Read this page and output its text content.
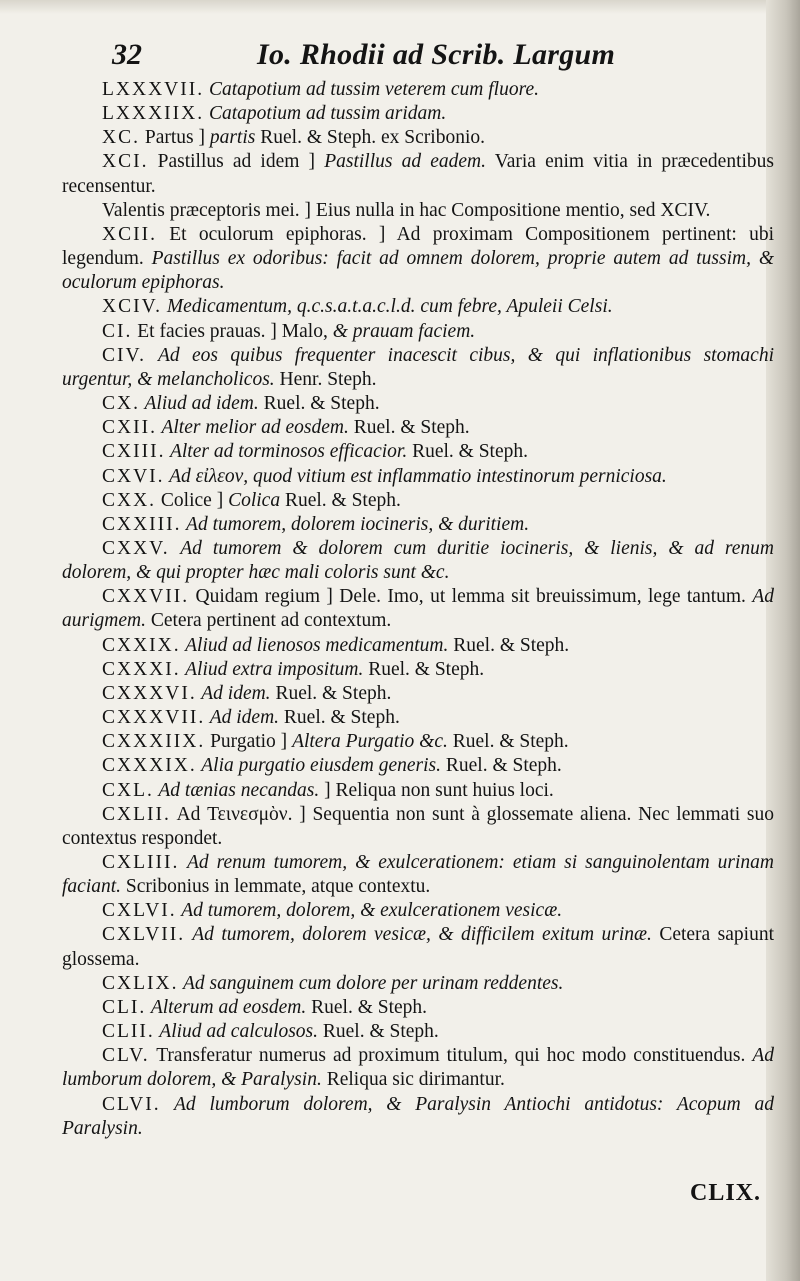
32	Io. Rhodii ad Scrib. Largum

LXXXVII. Catapotium ad tussim veterem cum fluore.

LXXXIIX. Catapotium ad tussim aridam.

XC. Partus ] partis Ruel. & Steph. ex Scribonio.

XCI. Pastillus ad idem ] Pastillus ad eadem. Varia enim vitia in præcedentibus recensentur.

Valentis præceptoris mei. ] Eius nulla in hac Compositione mentio, sed XCIV.

XCII. Et oculorum epiphoras. ] Ad proximam Compositionem pertinent: ubi legendum. Pastillus ex odoribus: facit ad omnem dolorem, proprie autem ad tussim, & oculorum epiphoras.

XCIV. Medicamentum, q.c.s.a.t.a.c.l.d. cum febre, Apuleii Celsi.

CI. Et facies prauas. ] Malo, & prauam faciem.

CIV. Ad eos quibus frequenter inacescit cibus, & qui inflationibus stomachi urgentur, & melancholicos. Henr. Steph.

CX. Aliud ad idem. Ruel. & Steph.

CXII. Alter melior ad eosdem. Ruel. & Steph.

CXIII. Alter ad torminosos efficacior. Ruel. & Steph.

CXVI. Ad εἰλεον, quod vitium est inflammatio intestinorum perniciosa.

CXX. Colice ] Colica Ruel. & Steph.

CXXIII. Ad tumorem, dolorem iocineris, & duritiem.

CXXV. Ad tumorem & dolorem cum duritie iocineris, & lienis, & ad renum dolorem, & qui propter hæc mali coloris sunt &c.

CXXVII. Quidam regium ] Dele. Imo, ut lemma sit breuissimum, lege tantum. Ad aurigmem. Cetera pertinent ad contextum.

CXXIX. Aliud ad lienosos medicamentum. Ruel. & Steph.

CXXXI. Aliud extra impositum. Ruel. & Steph.

CXXXVI. Ad idem. Ruel. & Steph.

CXXXVII. Ad idem. Ruel. & Steph.

CXXXIIX. Purgatio ] Altera Purgatio &c. Ruel. & Steph.

CXXXIX. Alia purgatio eiusdem generis. Ruel. & Steph.

CXL. Ad tænias necandas. ] Reliqua non sunt huius loci.

CXLII. Ad Τεινεσμὸν. ] Sequentia non sunt à glossemate aliena. Nec lemmati suo contextus respondet.

CXLIII. Ad renum tumorem, & exulcerationem: etiam si sanguinolentam urinam faciant. Scribonius in lemmate, atque contextu.

CXLVI. Ad tumorem, dolorem, & exulcerationem vesicæ.

CXLVII. Ad tumorem, dolorem vesicæ, & difficilem exitum urinæ. Cetera sapiunt glossema.

CXLIX. Ad sanguinem cum dolore per urinam reddentes.

CLI. Alterum ad eosdem. Ruel. & Steph.

CLII. Aliud ad calculosos. Ruel. & Steph.

CLV. Transferatur numerus ad proximum titulum, qui hoc modo constituendus. Ad lumborum dolorem, & Paralysin. Reliqua sic dirimantur.

CLVI. Ad lumborum dolorem, & Paralysin Antiochi antidotus: Acopum ad Paralysin.

CLIX.
